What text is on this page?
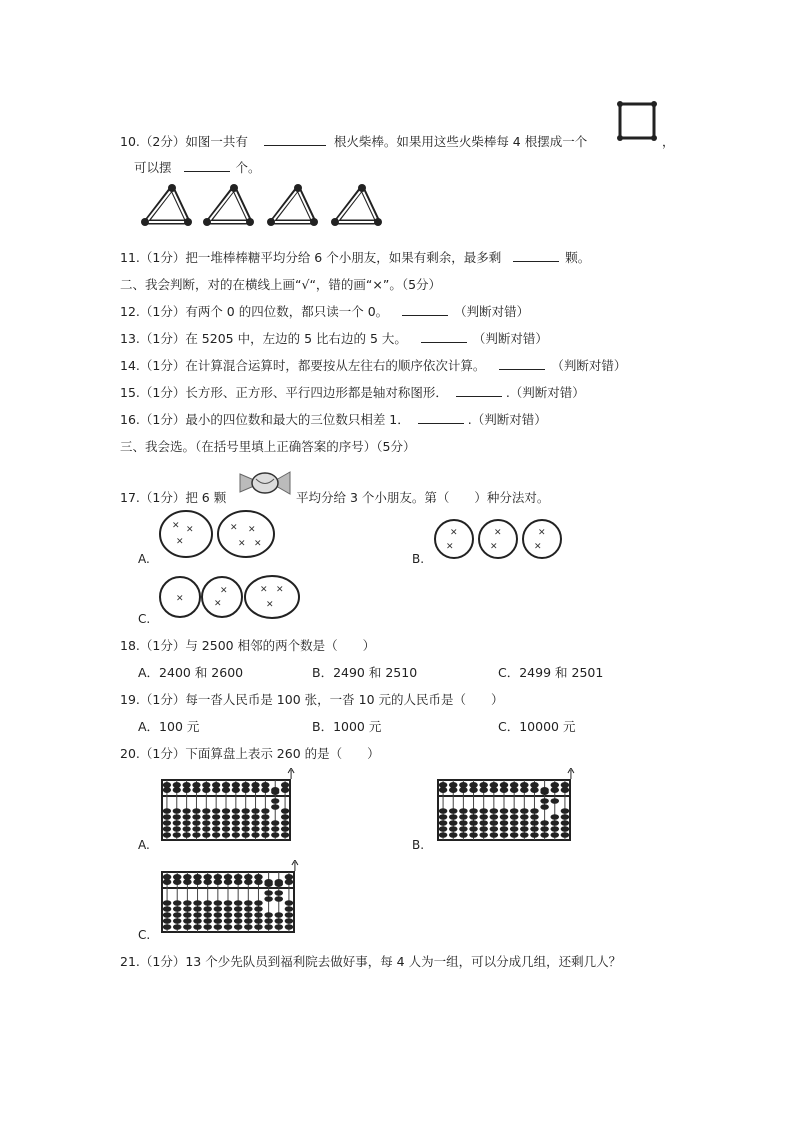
10.（2分）如图一共有	根火柴棒。如果用这些火柴棒每 4 根摆成一个	，
可以摆	个。
11.（1分）把一堆棒棒糖平均分给 6 个小朋友，如果有剩余，最多剩	颗。
二、我会判断，对的在横线上画“√“，错的画“×”。（5分）
12.（1分）有两个 0 的四位数，都只读一个 0。	（判断对错）
13.（1分）在 5205 中，左边的 5 比右边的 5 大。	（判断对错）
14.（1分）在计算混合运算时，都要按从左往右的顺序依次计算。	（判断对错）
15.（1分）长方形、正方形、平行四边形都是轴对称图形．	.（判断对错）
16.（1分）最小的四位数和最大的三位数只相差 1．	.（判断对错）
三、我会选。（在括号里填上正确答案的序号）（5分）
17.（1分）把 6 颗	平均分给 3 个小朋友。第（　　）种分法对。
✕ ✕
✕
✕ ✕
✕ ✕
A.
✕
✕
✕
✕
✕
✕
B.
✕
✕
✕
✕ ✕
✕
C.
18.（1分）与 2500 相邻的两个数是（　　）
A．2400 和 2600	B．2490 和 2510	C．2499 和 2501
19.（1分）每一沓人民币是 100 张，一沓 10 元的人民币是（　　）
A．100 元	B．1000 元	C．10000 元
20.（1分）下面算盘上表示 260 的是（　　）
A.	B.
C.
21.（1分）13 个少先队员到福利院去做好事，每 4 人为一组，可以分成几组，还剩几人？
